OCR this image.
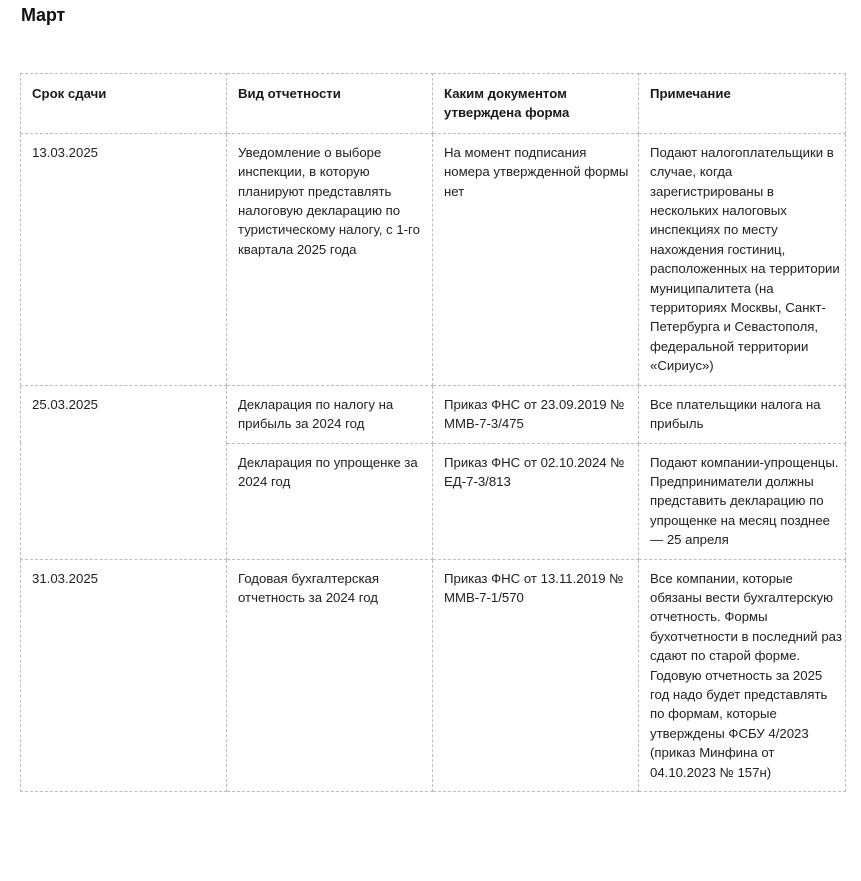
Март
Срок сдачи	Вид отчетности	Каким документом утверждена форма	Примечание
13.03.2025	Уведомление о выборе инспекции, в которую планируют представлять налоговую декларацию по туристическому налогу, с 1-го квартала 2025 года	На момент подписания номера утвержденной формы нет	Подают налогоплательщики в случае, когда зарегистрированы в нескольких налоговых инспекциях по месту нахождения гостиниц, расположенных на территории муниципалитета (на территориях Москвы, Санкт-Петербурга и Севастополя, федеральной территории «Сириус»)
25.03.2025	Декларация по налогу на прибыль за 2024 год	Приказ ФНС от 23.09.2019 № ММВ-7-3/475	Все плательщики налога на прибыль
	Декларация по упрощенке за 2024 год	Приказ ФНС от 02.10.2024 № ЕД-7-3/813	Подают компании-упрощенцы. Предприниматели должны представить декларацию по упрощенке на месяц позднее — 25 апреля
31.03.2025	Годовая бухгалтерская отчетность за 2024 год	Приказ ФНС от 13.11.2019 № ММВ-7-1/570	Все компании, которые обязаны вести бухгалтерскую отчетность. Формы бухотчетности в последний раз сдают по старой форме. Годовую отчетность за 2025 год надо будет представлять по формам, которые утверждены ФСБУ 4/2023 (приказ Минфина от 04.10.2023 № 157н)
